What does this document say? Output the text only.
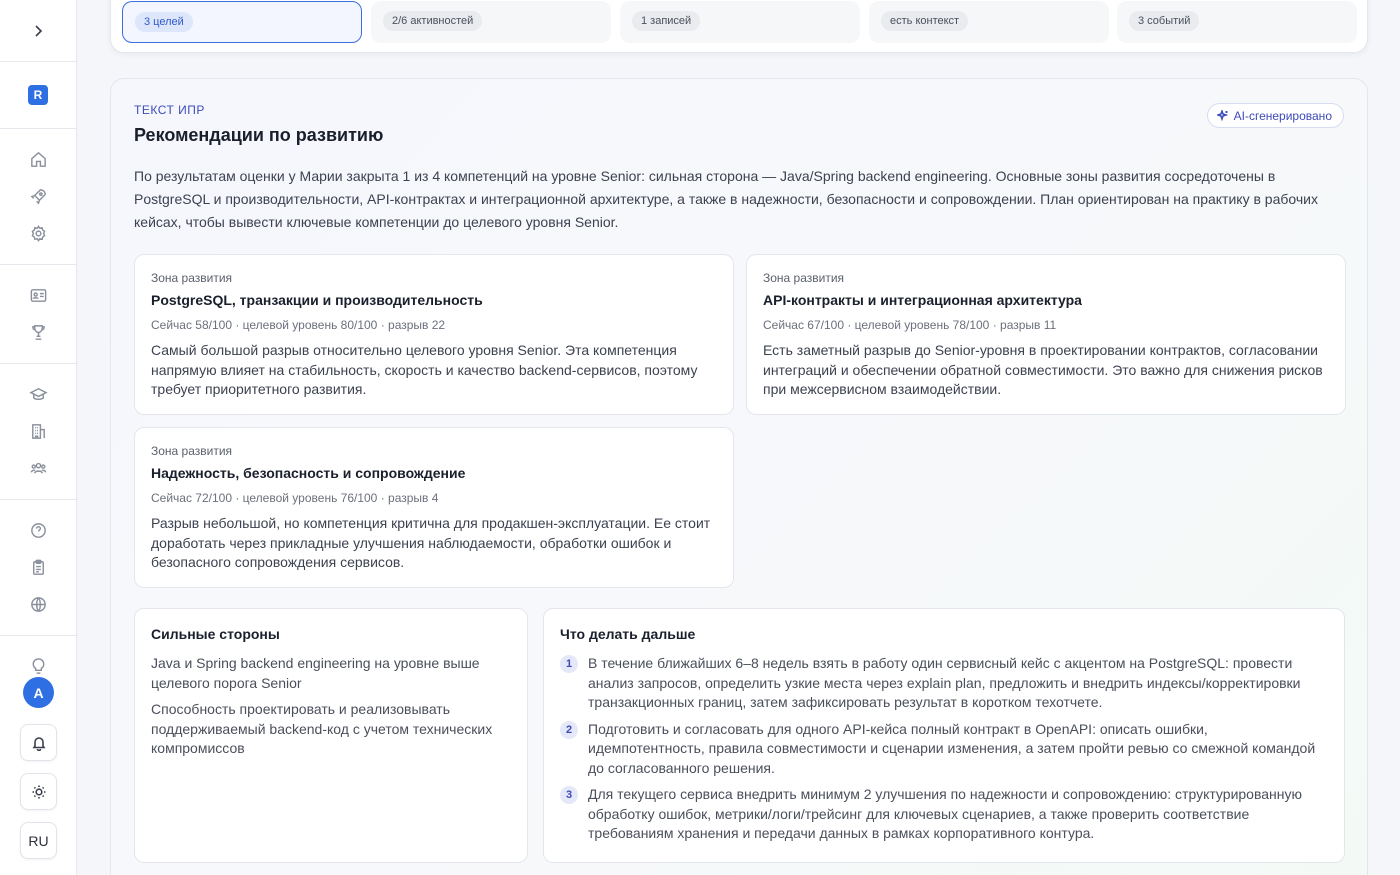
R
A
RU
3 целей	2/6 активностей	1 записей	есть контекст	3 событий
ТЕКСТ ИПР
Рекомендации по развитию
AI-сгенерировано

По результатам оценки у Марии закрыта 1 из 4 компетенций на уровне Senior: сильная сторона — Java/Spring backend engineering. Основные зоны развития сосредоточены в PostgreSQL и производительности, API-контрактах и интеграционной архитектуре, а также в надежности, безопасности и сопровождении. План ориентирован на практику в рабочих кейсах, чтобы вывести ключевые компетенции до целевого уровня Senior.

Зона развития
PostgreSQL, транзакции и производительность
Сейчас 58/100 · целевой уровень 80/100 · разрыв 22
Самый большой разрыв относительно целевого уровня Senior. Эта компетенция напрямую влияет на стабильность, скорость и качество backend-сервисов, поэтому требует приоритетного развития.
Зона развития
API-контракты и интеграционная архитектура
Сейчас 67/100 · целевой уровень 78/100 · разрыв 11
Есть заметный разрыв до Senior-уровня в проектировании контрактов, согласовании интеграций и обеспечении обратной совместимости. Это важно для снижения рисков при межсервисном взаимодействии.
Зона развития
Надежность, безопасность и сопровождение
Сейчас 72/100 · целевой уровень 76/100 · разрыв 4
Разрыв небольшой, но компетенция критична для продакшен-эксплуатации. Ее стоит доработать через прикладные улучшения наблюдаемости, обработки ошибок и безопасного сопровождения сервисов.
Сильные стороны

Java и Spring backend engineering на уровне выше целевого порога Senior

Способность проектировать и реализовывать поддерживаемый backend-код с учетом технических компромиссов

Что делать дальше
1	В течение ближайших 6–8 недель взять в работу один сервисный кейс с акцентом на PostgreSQL: провести анализ запросов, определить узкие места через explain plan, предложить и внедрить индексы/корректировки транзакционных границ, затем зафиксировать результат в коротком техотчете.
2	Подготовить и согласовать для одного API-кейса полный контракт в OpenAPI: описать ошибки, идемпотентность, правила совместимости и сценарии изменения, а затем пройти ревью со смежной командой до согласованного решения.
3	Для текущего сервиса внедрить минимум 2 улучшения по надежности и сопровождению: структурированную обработку ошибок, метрики/логи/трейсинг для ключевых сценариев, а также проверить соответствие требованиям хранения и передачи данных в рамках корпоративного контура.
